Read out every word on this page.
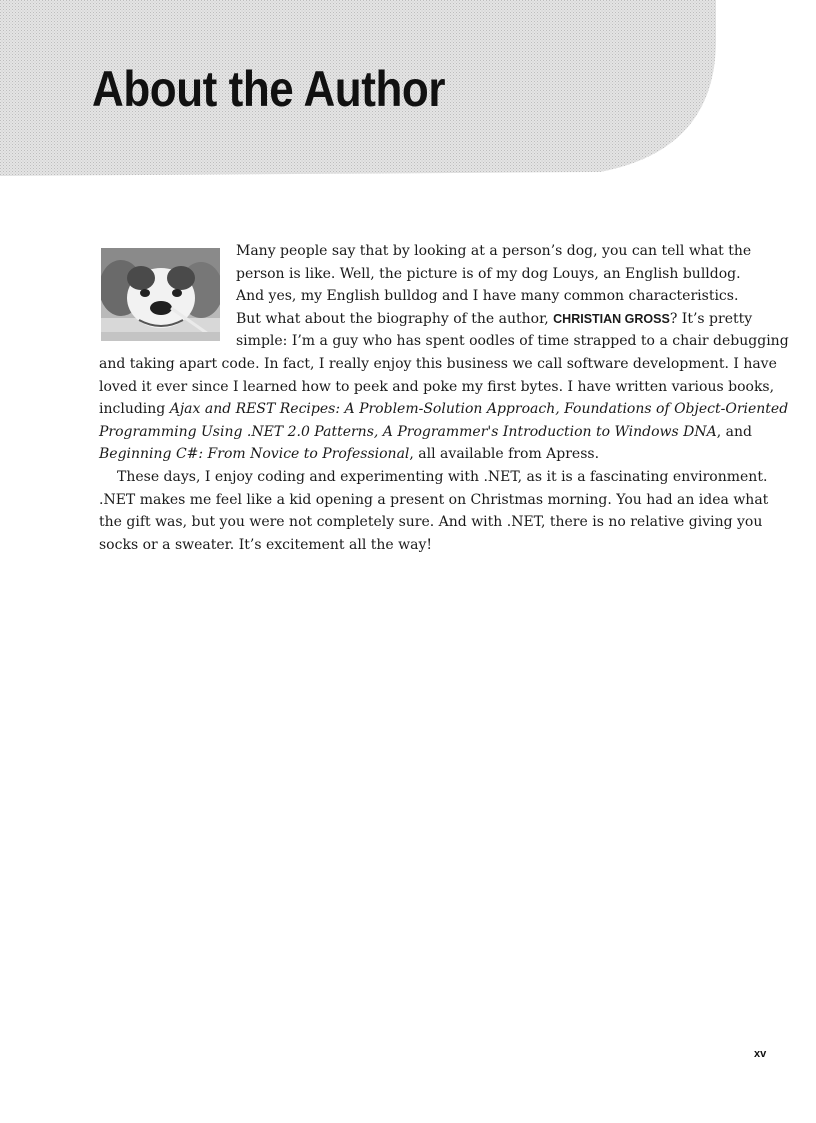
About the Author

Many people say that by looking at a person’s dog, you can tell what the
person is like. Well, the picture is of my dog Louys, an English bulldog.
And yes, my English bulldog and I have many common characteristics.
But what about the biography of the author, CHRISTIAN GROSS? It’s pretty
simple: I’m a guy who has spent oodles of time strapped to a chair debugging
and taking apart code. In fact, I really enjoy this business we call software development. I have
loved it ever since I learned how to peek and poke my first bytes. I have written various books,
including Ajax and REST Recipes: A Problem-Solution Approach, Foundations of Object-Oriented
Programming Using .NET 2.0 Patterns, A Programmer's Introduction to Windows DNA, and
Beginning C#: From Novice to Professional, all available from Apress.

These days, I enjoy coding and experimenting with .NET, as it is a fascinating environment.
.NET makes me feel like a kid opening a present on Christmas morning. You had an idea what
the gift was, but you were not completely sure. And with .NET, there is no relative giving you
socks or a sweater. It’s excitement all the way!

xv
